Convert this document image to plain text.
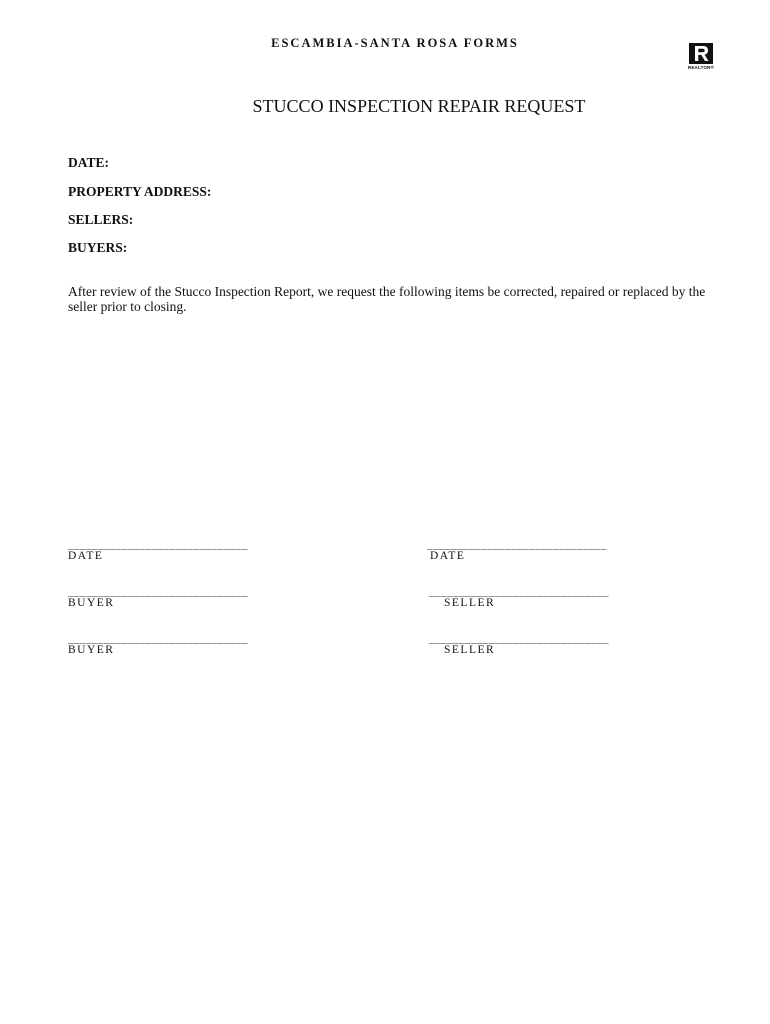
ESCAMBIA-SANTA ROSA FORMS
REALTOR®
STUCCO INSPECTION REPAIR REQUEST
DATE:
PROPERTY ADDRESS:
SELLERS:
BUYERS:
After review of the Stucco Inspection Report, we request the following items be corrected, repaired or replaced by the seller prior to closing.
______________________________
DATE
______________________________
BUYER
______________________________
BUYER
______________________________
DATE
______________________________
SELLER
______________________________
SELLER
